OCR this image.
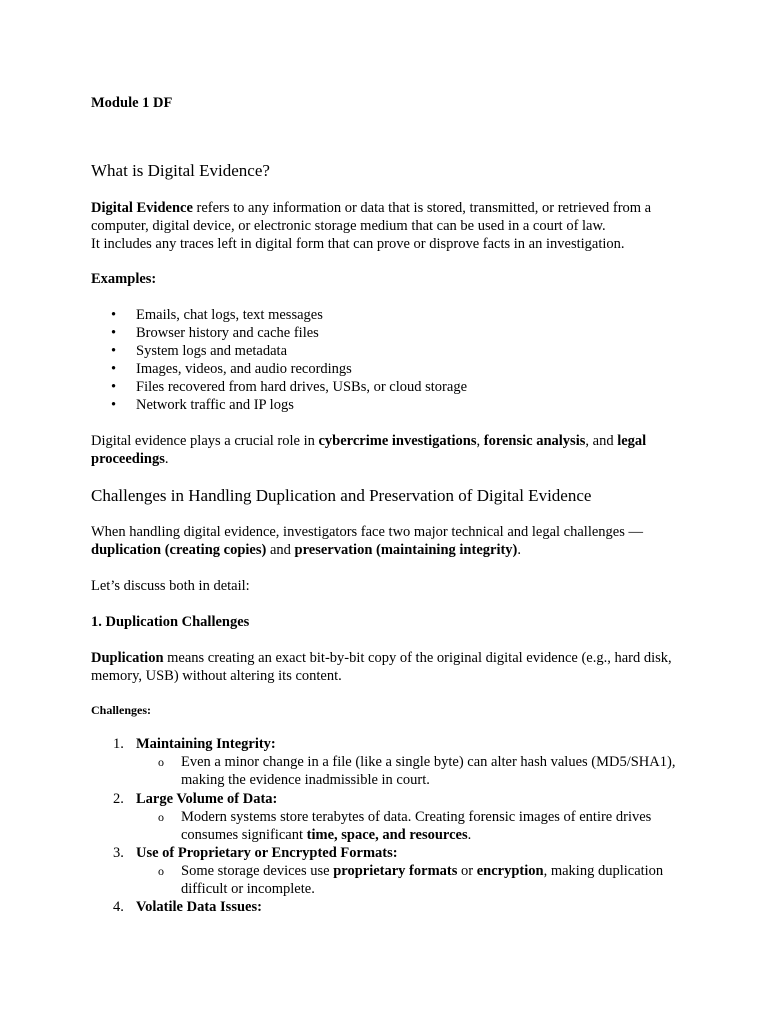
Module 1 DF

What is Digital Evidence?

Digital Evidence refers to any information or data that is stored, transmitted, or retrieved from a computer, digital device, or electronic storage medium that can be used in a court of law.
It includes any traces left in digital form that can prove or disprove facts in an investigation.

Examples:

• Emails, chat logs, text messages
• Browser history and cache files
• System logs and metadata
• Images, videos, and audio recordings
• Files recovered from hard drives, USBs, or cloud storage
• Network traffic and IP logs

Digital evidence plays a crucial role in cybercrime investigations, forensic analysis, and legal proceedings.

Challenges in Handling Duplication and Preservation of Digital Evidence

When handling digital evidence, investigators face two major technical and legal challenges — duplication (creating copies) and preservation (maintaining integrity).

Let’s discuss both in detail:

1. Duplication Challenges

Duplication means creating an exact bit-by-bit copy of the original digital evidence (e.g., hard disk, memory, USB) without altering its content.

Challenges:

1. Maintaining Integrity:
o Even a minor change in a file (like a single byte) can alter hash values (MD5/SHA1), making the evidence inadmissible in court.
2. Large Volume of Data:
o Modern systems store terabytes of data. Creating forensic images of entire drives consumes significant time, space, and resources.
3. Use of Proprietary or Encrypted Formats:
o Some storage devices use proprietary formats or encryption, making duplication difficult or incomplete.
4. Volatile Data Issues:
